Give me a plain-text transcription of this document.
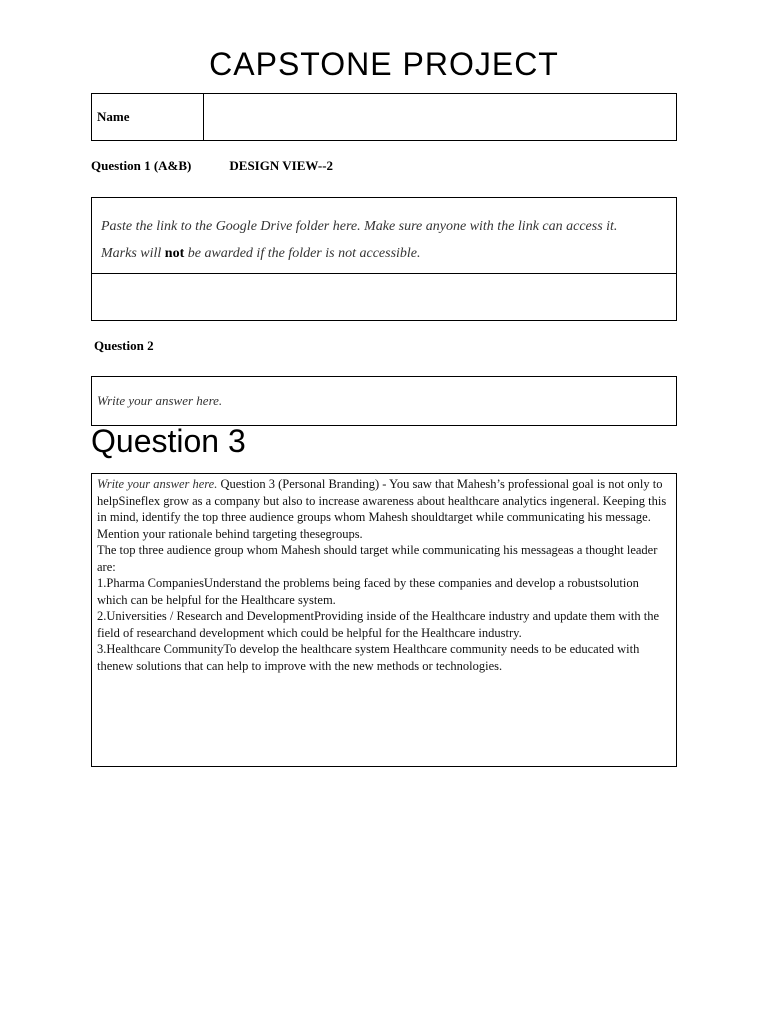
CAPSTONE PROJECT
Name
Question 1 (A&B)	DESIGN VIEW--2
Paste the link to the Google Drive folder here. Make sure anyone with the link can access it.
Marks will not be awarded if the folder is not accessible.
Question 2
Write your answer here.
Question 3

Write your answer here. Question 3 (Personal Branding) - You saw that Mahesh’s professional goal is not only to helpSineflex grow as a company but also to increase awareness about healthcare analytics ingeneral. Keeping this in mind, identify the top three audience groups whom Mahesh shouldtarget while communicating his message. Mention your rationale behind targeting thesegroups.

The top three audience group whom Mahesh should target while communicating his messageas a thought leader are:

1.Pharma CompaniesUnderstand the problems being faced by these companies and develop a robustsolution which can be helpful for the Healthcare system.

2.Universities / Research and DevelopmentProviding inside of the Healthcare industry and update them with the field of researchand development which could be helpful for the Healthcare industry.

3.Healthcare CommunityTo develop the healthcare system Healthcare community needs to be educated with thenew solutions that can help to improve with the new methods or technologies.
